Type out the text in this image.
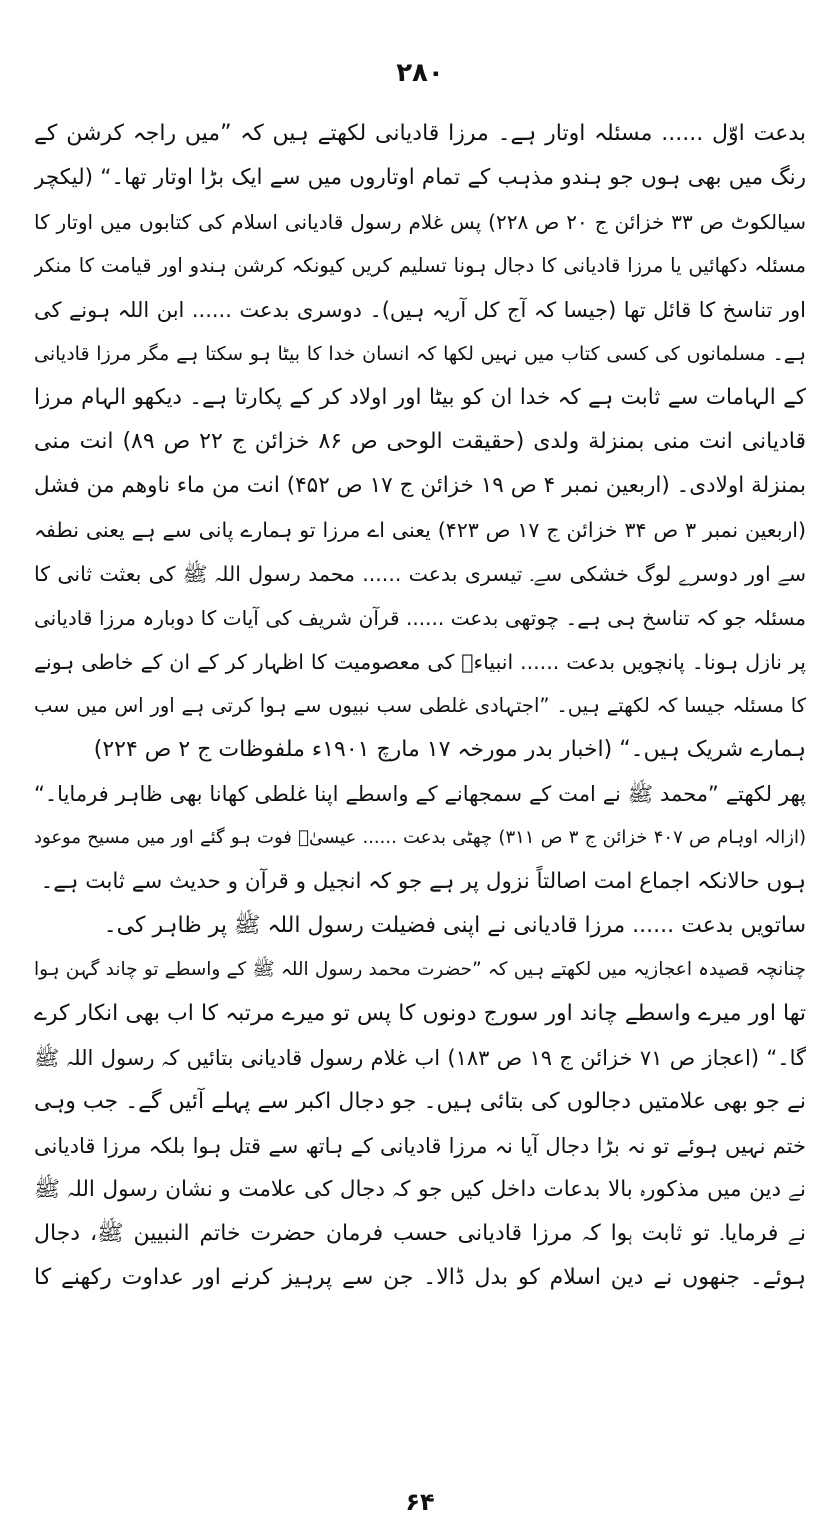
۲۸۰
بدعت اوّل ...... مسئلہ اوتار ہے۔ مرزا قادیانی لکھتے ہیں کہ ”میں راجہ کرشن کے
رنگ میں بھی ہوں جو ہندو مذہب کے تمام اوتاروں میں سے ایک بڑا اوتار تھا۔“ (لیکچر
سیالکوٹ ص ۳۳ خزائن ج ۲۰ ص ۲۲۸) پس غلام رسول قادیانی اسلام کی کتابوں میں اوتار کا
مسئلہ دکھائیں یا مرزا قادیانی کا دجال ہونا تسلیم کریں کیونکہ کرشن ہندو اور قیامت کا منکر
اور تناسخ کا قائل تھا (جیسا کہ آج کل آریہ ہیں)۔ دوسری بدعت ...... ابن اللہ ہونے کی
ہے۔ مسلمانوں کی کسی کتاب میں نہیں لکھا کہ انسان خدا کا بیٹا ہو سکتا ہے مگر مرزا قادیانی
کے الہامات سے ثابت ہے کہ خدا ان کو بیٹا اور اولاد کر کے پکارتا ہے۔ دیکھو الہام مرزا
قادیانی انت منی بمنزلة ولدی (حقیقت الوحی ص ۸۶ خزائن ج ۲۲ ص ۸۹) انت منی
بمنزلة اولادی۔ (اربعین نمبر ۴ ص ۱۹ خزائن ج ۱۷ ص ۴۵۲) انت من ماء ناوھم من فشل
(اربعین نمبر ۳ ص ۳۴ خزائن ج ۱۷ ص ۴۲۳) یعنی اے مرزا تو ہمارے پانی سے ہے یعنی نطفہ
سے اور دوسرے لوگ خشکی سے۔ تیسری بدعت ...... محمد رسول اللہ ﷺ کی بعثت ثانی کا
مسئلہ جو کہ تناسخ ہی ہے۔ چوتھی بدعت ...... قرآن شریف کی آیات کا دوبارہ مرزا قادیانی
پر نازل ہونا۔ پانچویں بدعت ...... انبیاءؑ کی معصومیت کا اظہار کر کے ان کے خاطی ہونے
کا مسئلہ جیسا کہ لکھتے ہیں۔ ”اجتہادی غلطی سب نبیوں سے ہوا کرتی ہے اور اس میں سب
ہمارے شریک ہیں۔“ (اخبار بدر مورخہ ۱۷ مارچ ۱۹۰۱ء ملفوظات ج ۲ ص ۲۲۴)
پھر لکھتے ”محمد ﷺ نے امت کے سمجھانے کے واسطے اپنا غلطی کھانا بھی ظاہر فرمایا۔“
(ازالہ اوہام ص ۴۰۷ خزائن ج ۳ ص ۳۱۱) چھٹی بدعت ...... عیسیٰؑ فوت ہو گئے اور میں مسیح موعود
ہوں حالانکہ اجماع امت اصالتاً نزول پر ہے جو کہ انجیل و قرآن و حدیث سے ثابت ہے۔
ساتویں بدعت ...... مرزا قادیانی نے اپنی فضیلت رسول اللہ ﷺ پر ظاہر کی۔
چنانچہ قصیدہ اعجازیہ میں لکھتے ہیں کہ ”حضرت محمد رسول اللہ ﷺ کے واسطے تو چاند گہن ہوا
تھا اور میرے واسطے چاند اور سورج دونوں کا پس تو میرے مرتبہ کا اب بھی انکار کرے
گا۔“ (اعجاز ص ۷۱ خزائن ج ۱۹ ص ۱۸۳) اب غلام رسول قادیانی بتائیں کہ رسول اللہ ﷺ
نے جو بھی علامتیں دجالوں کی بتائی ہیں۔ جو دجال اکبر سے پہلے آئیں گے۔ جب وہی
ختم نہیں ہوئے تو نہ بڑا دجال آیا نہ مرزا قادیانی کے ہاتھ سے قتل ہوا بلکہ مرزا قادیانی
نے دین میں مذکورہ بالا بدعات داخل کیں جو کہ دجال کی علامت و نشان رسول اللہ ﷺ
نے فرمایا۔ تو ثابت ہوا کہ مرزا قادیانی حسب فرمان حضرت خاتم النبیین ﷺ، دجال
ہوئے۔ جنھوں نے دین اسلام کو بدل ڈالا۔ جن سے پرہیز کرنے اور عداوت رکھنے کا
۶۴
